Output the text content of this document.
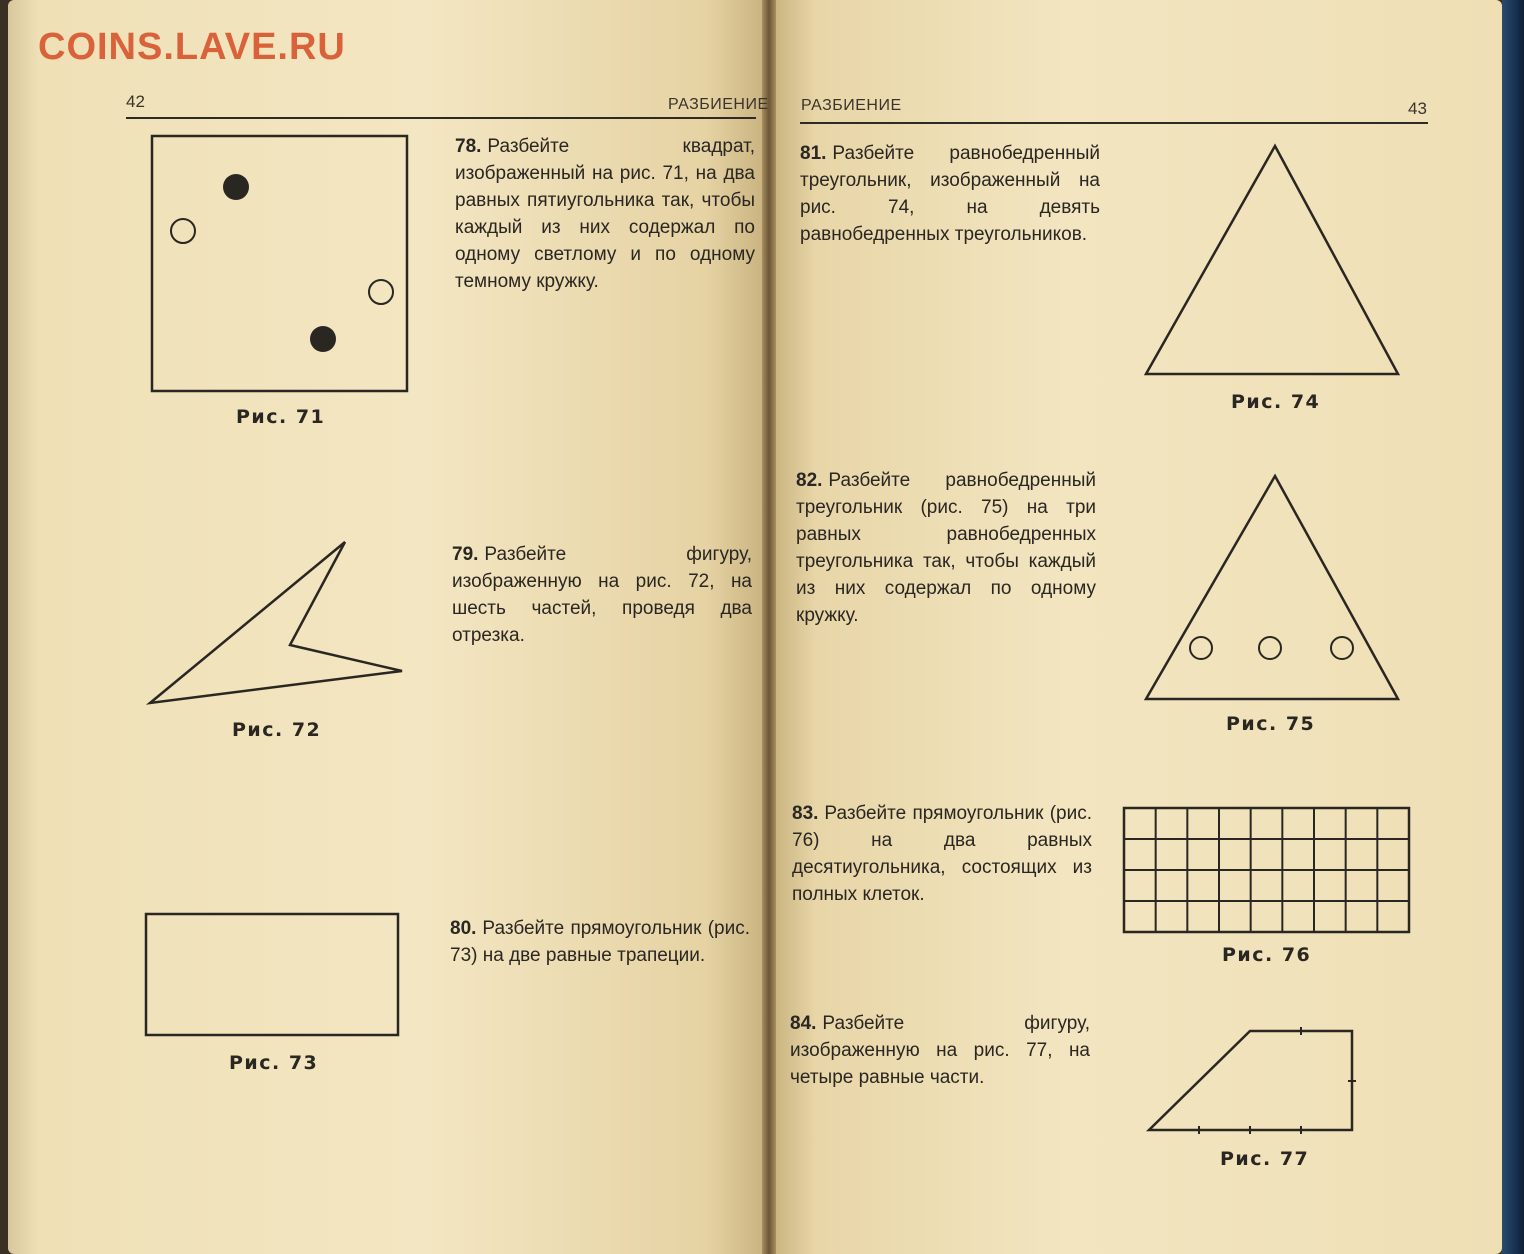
COINS.LAVE.RU
42	РАЗБИЕНИЕ
Рис. 71
78. Разбейте квадрат, изображенный на рис. 71, на два равных пятиугольника так, чтобы каждый из них содержал по одному светлому и по одному темному кружку.
Рис. 72
79. Разбейте фигуру, изображенную на рис. 72, на шесть частей, проведя два отрезка.
Рис. 73
80. Разбейте прямоугольник (рис. 73) на две равные трапеции.
РАЗБИЕНИЕ	43
81. Разбейте равнобедренный треугольник, изображенный на рис. 74, на девять равнобедренных треугольников.
Рис. 74
82. Разбейте равнобедренный треугольник (рис. 75) на три равных равнобедренных треугольника так, чтобы каждый из них содержал по одному кружку.
Рис. 75
83. Разбейте прямоугольник (рис. 76) на два равных десятиугольника, состоящих из полных клеток.
Рис. 76
84. Разбейте фигуру, изображенную на рис. 77, на четыре равные части.
Рис. 77
